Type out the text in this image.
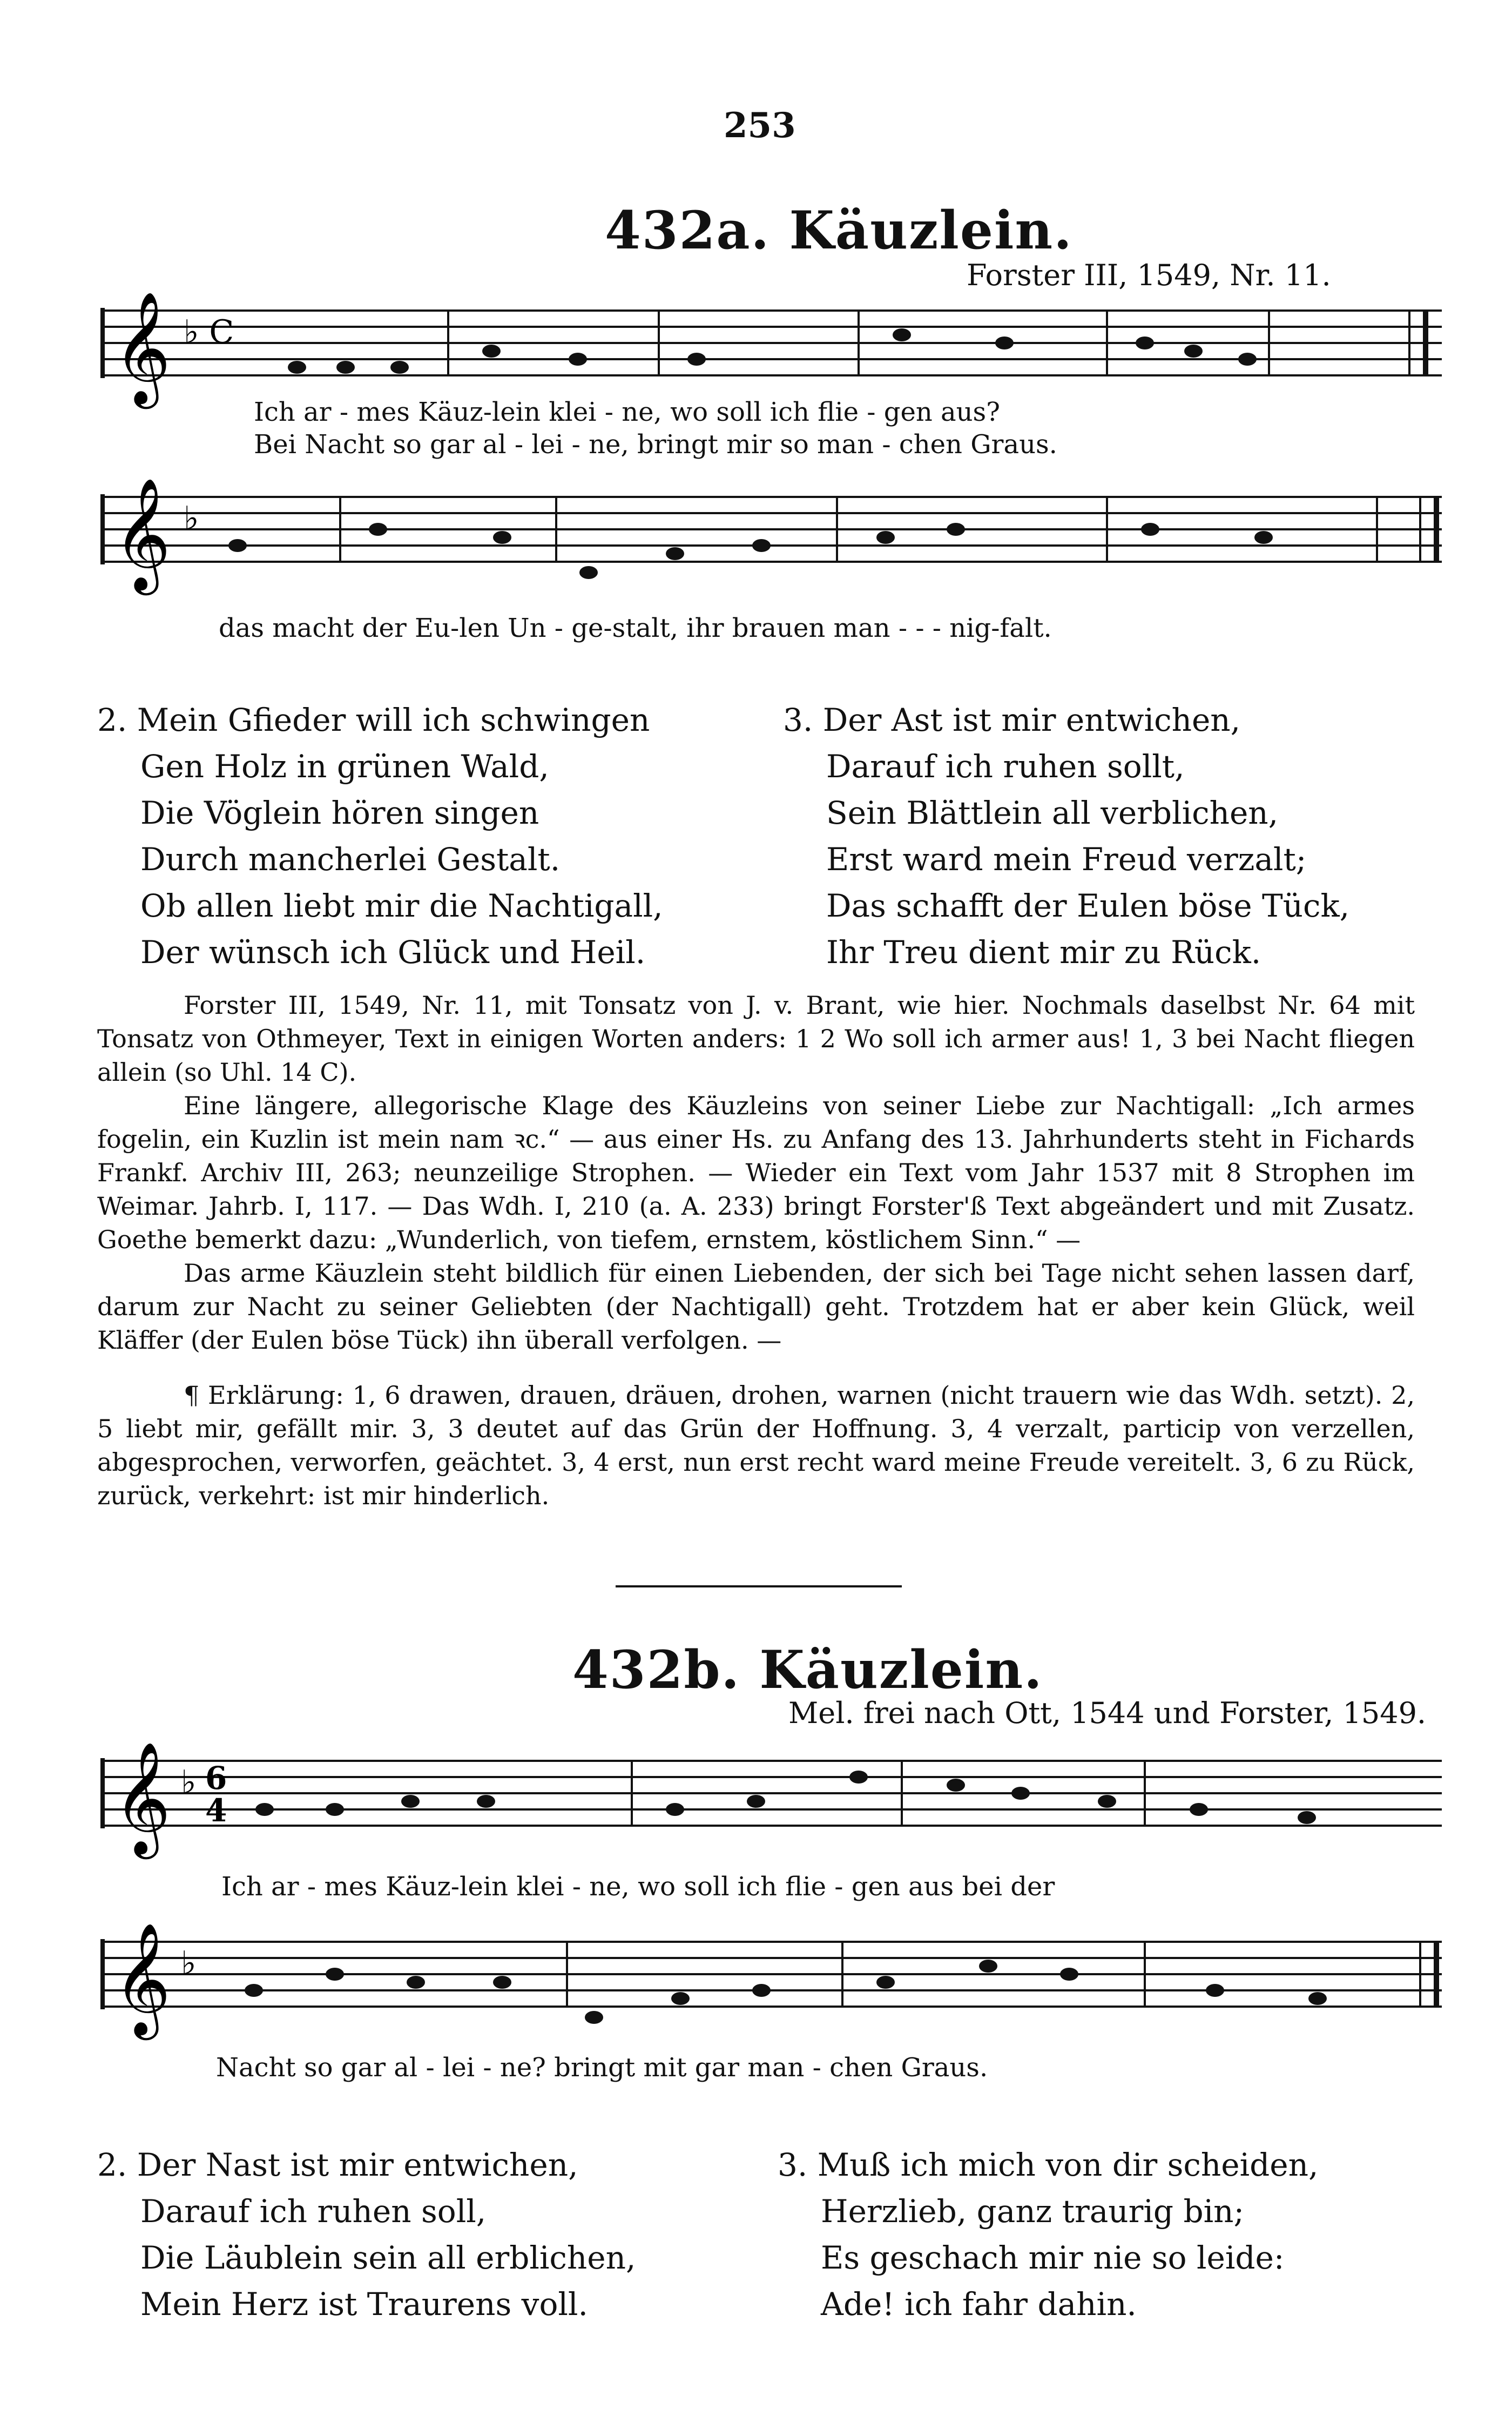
253
432a. Käuzlein.
Forster III, 1549, Nr. 11.
𝄞 ♭ C
Ich ar - mes Käuz-lein klei - ne, wo soll ich flie - gen aus?
Bei Nacht so gar al - lei - ne, bringt mir so man - chen Graus.
𝄞 ♭
das macht der Eu-len Un - ge-stalt, ihr brauen man - - - nig-falt.
2. Mein Gfieder will ich schwingen
Gen Holz in grünen Wald,
Die Vöglein hören singen
Durch mancherlei Gestalt.
Ob allen liebt mir die Nachtigall,
Der wünsch ich Glück und Heil.
3. Der Ast ist mir entwichen,
Darauf ich ruhen sollt,
Sein Blättlein all verblichen,
Erst ward mein Freud verzalt;
Das schafft der Eulen böse Tück,
Ihr Treu dient mir zu Rück.

Forster III, 1549, Nr. 11, mit Tonsatz von J. v. Brant, wie hier. Nochmals daselbst Nr. 64 mit Tonsatz von Othmeyer, Text in einigen Worten anders: 1 2 Wo soll ich armer aus! 1, 3 bei Nacht fliegen allein (so Uhl. 14 C).

Eine längere, allegorische Klage des Käuzleins von seiner Liebe zur Nachtigall: „Ich armes fogelin, ein Kuzlin ist mein nam ꝛc.“ — aus einer Hs. zu Anfang des 13. Jahrhunderts steht in Fichards Frankf. Archiv III, 263; neunzeilige Strophen. — Wieder ein Text vom Jahr 1537 mit 8 Strophen im Weimar. Jahrb. I, 117. — Das Wdh. I, 210 (a. A. 233) bringt Forster'ß Text abgeändert und mit Zusatz. Goethe bemerkt dazu: „Wunderlich, von tiefem, ernstem, köstlichem Sinn.“ —

Das arme Käuzlein steht bildlich für einen Liebenden, der sich bei Tage nicht sehen lassen darf, darum zur Nacht zu seiner Geliebten (der Nachtigall) geht. Trotzdem hat er aber kein Glück, weil Kläffer (der Eulen böse Tück) ihn überall verfolgen. —

¶ Erklärung: 1, 6 drawen, drauen, dräuen, drohen, warnen (nicht trauern wie das Wdh. setzt). 2, 5 liebt mir, gefällt mir. 3, 3 deutet auf das Grün der Hoffnung. 3, 4 verzalt, particip von verzellen, abgesprochen, verworfen, geächtet. 3, 4 erst, nun erst recht ward meine Freude vereitelt. 3, 6 zu Rück, zurück, verkehrt: ist mir hinderlich.

432b. Käuzlein.
Mel. frei nach Ott, 1544 und Forster, 1549.
𝄞 ♭ 6
4
Ich ar - mes Käuz-lein klei - ne, wo soll ich flie - gen aus bei der
𝄞 ♭
Nacht so gar al - lei - ne? bringt mit gar man - chen Graus.
2. Der Nast ist mir entwichen,
Darauf ich ruhen soll,
Die Läublein sein all erblichen,
Mein Herz ist Traurens voll.
3. Muß ich mich von dir scheiden,
Herzlieb, ganz traurig bin;
Es geschach mir nie so leide:
Ade! ich fahr dahin.
